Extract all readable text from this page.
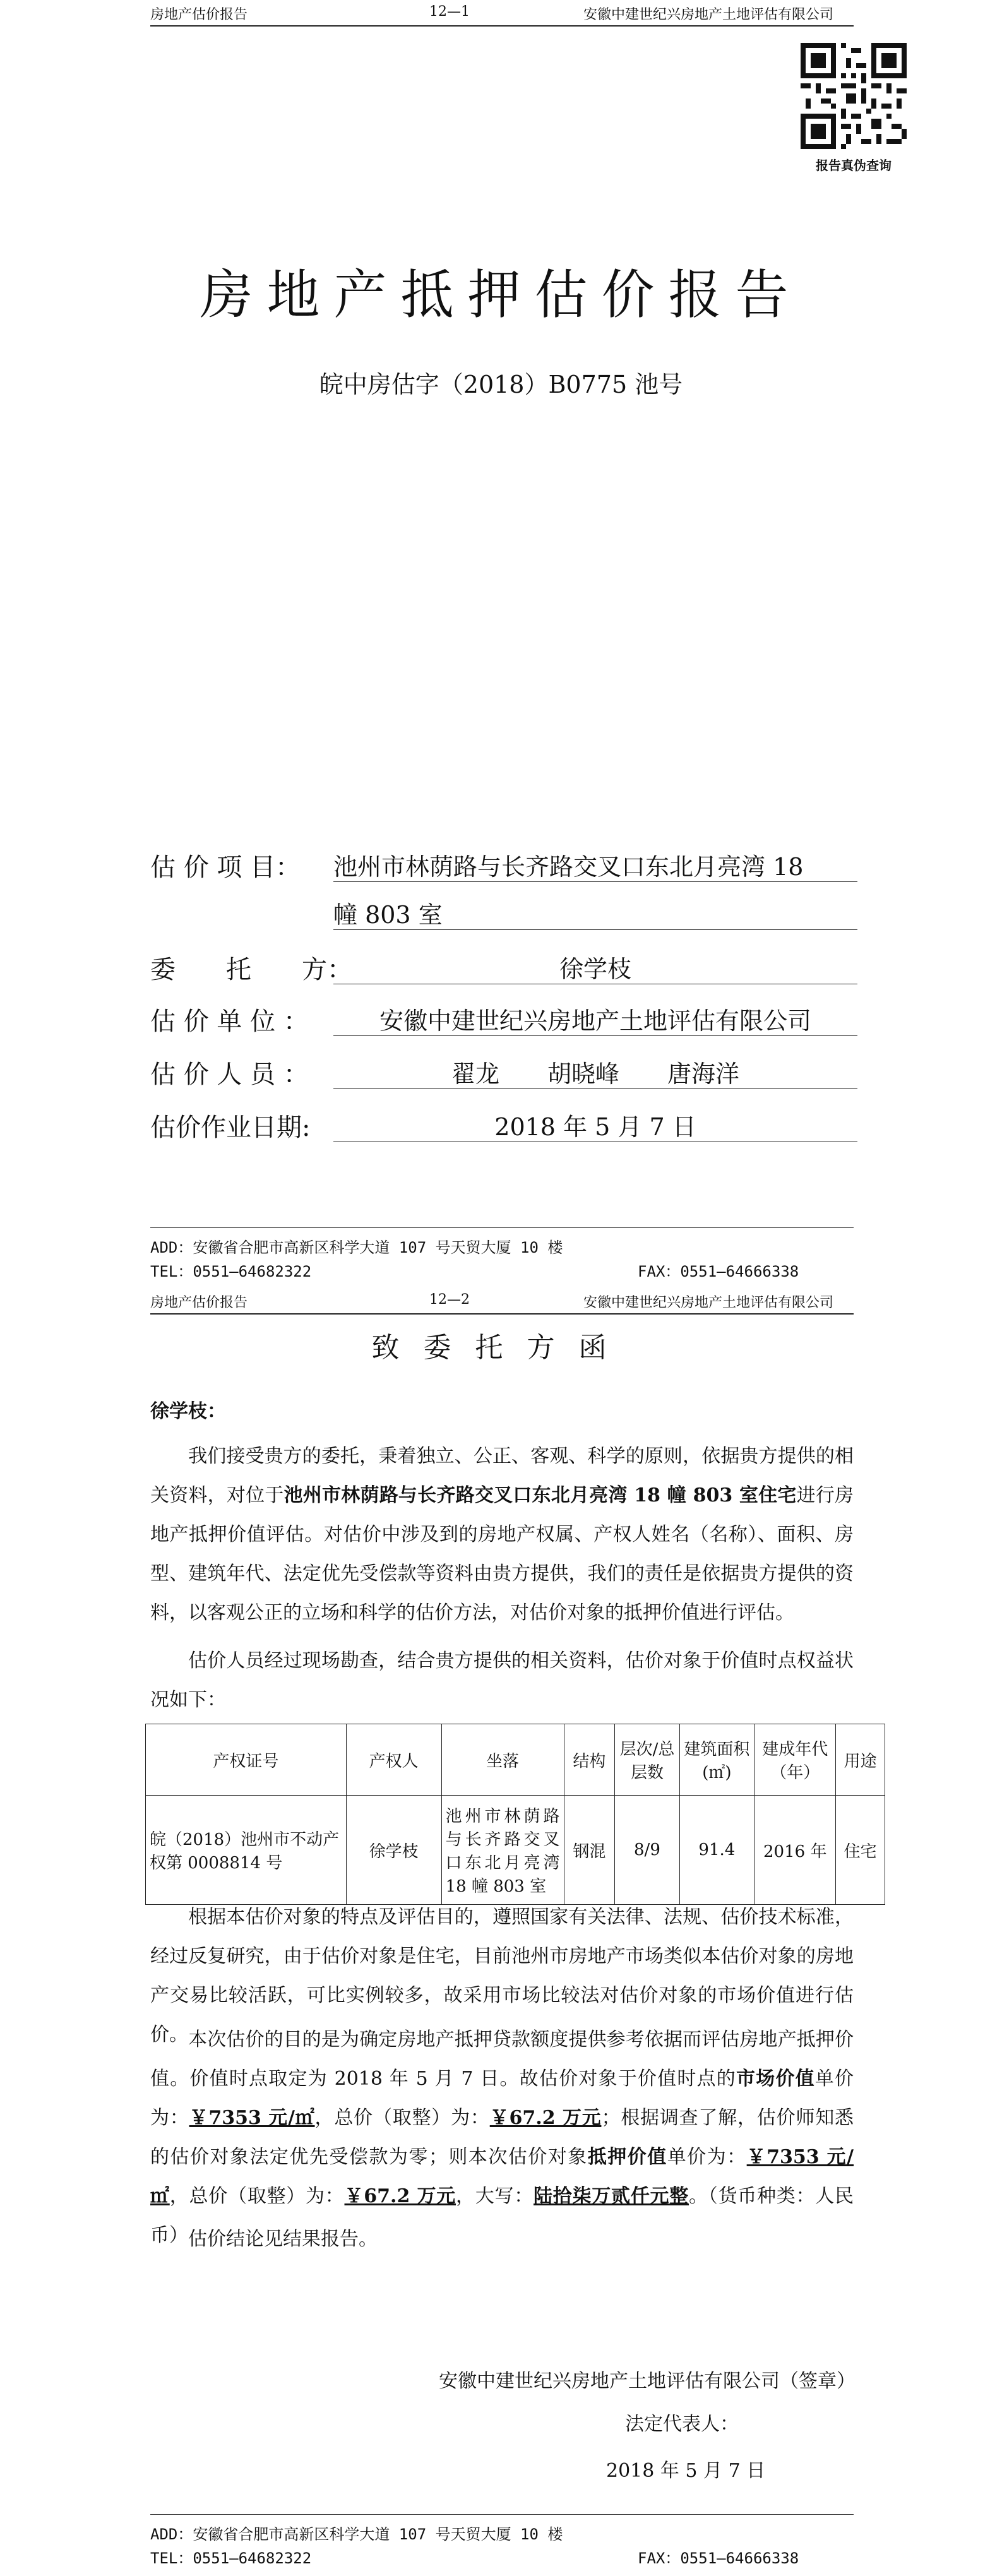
房地产估价报告	12—1	安徽中建世纪兴房地产土地评估有限公司
报告真伪查询
房地产抵押估价报告
皖中房估字（2018）B0775 池号
估 价 项 目： 池州市林荫路与长齐路交叉口东北月亮湾 18
幢 803 室
委　　托　　方：	徐学枝
估 价 单 位 ：	安徽中建世纪兴房地产土地评估有限公司
估 价 人 员 ：	翟龙　　胡晓峰　　唐海洋
估价作业日期:	2018 年 5 月 7 日
ADD：安徽省合肥市高新区科学大道 107 号天贸大厦 10 楼
TEL：0551—64682322	FAX：0551—64666338
房地产估价报告	12—2	安徽中建世纪兴房地产土地评估有限公司
致委托方函
徐学枝：
我们接受贵方的委托，秉着独立、公正、客观、科学的原则，依据贵方提供的相关资料，对位于池州市林荫路与长齐路交叉口东北月亮湾 18 幢 803 室住宅进行房地产抵押价值评估。对估价中涉及到的房地产权属、产权人姓名（名称）、面积、房型、建筑年代、法定优先受偿款等资料由贵方提供，我们的责任是依据贵方提供的资料，以客观公正的立场和科学的估价方法，对估价对象的抵押价值进行评估。
估价人员经过现场勘查，结合贵方提供的相关资料，估价对象于价值时点权益状况如下：
产权证号	产权人	坐落	结构	层次/总层数	建筑面积(㎡)	建成年代（年）	用途
皖（2018）池州市不动产权第 0008814 号	徐学枝	池州市林荫路与长齐路交叉口东北月亮湾 18 幢 803 室	钢混	8/9	91.4	2016 年	住宅
根据本估价对象的特点及评估目的，遵照国家有关法律、法规、估价技术标准，经过反复研究，由于估价对象是住宅，目前池州市房地产市场类似本估价对象的房地产交易比较活跃，可比实例较多，故采用市场比较法对估价对象的市场价值进行估价。 本次估价的目的是为确定房地产抵押贷款额度提供参考依据而评估房地产抵押价值。价值时点取定为 2018 年 5 月 7 日。故估价对象于价值时点的市场价值单价为：￥7353 元/㎡，总价（取整）为：￥67.2 万元；根据调查了解，估价师知悉的估价对象法定优先受偿款为零；则本次估价对象抵押价值单价为：￥7353 元/㎡，总价（取整）为：￥67.2 万元，大写：陆拾柒万贰仟元整。（货币种类：人民币） 估价结论见结果报告。
安徽中建世纪兴房地产土地评估有限公司（签章）
法定代表人：
2018 年 5 月 7 日
ADD：安徽省合肥市高新区科学大道 107 号天贸大厦 10 楼
TEL：0551—64682322	FAX：0551—64666338
